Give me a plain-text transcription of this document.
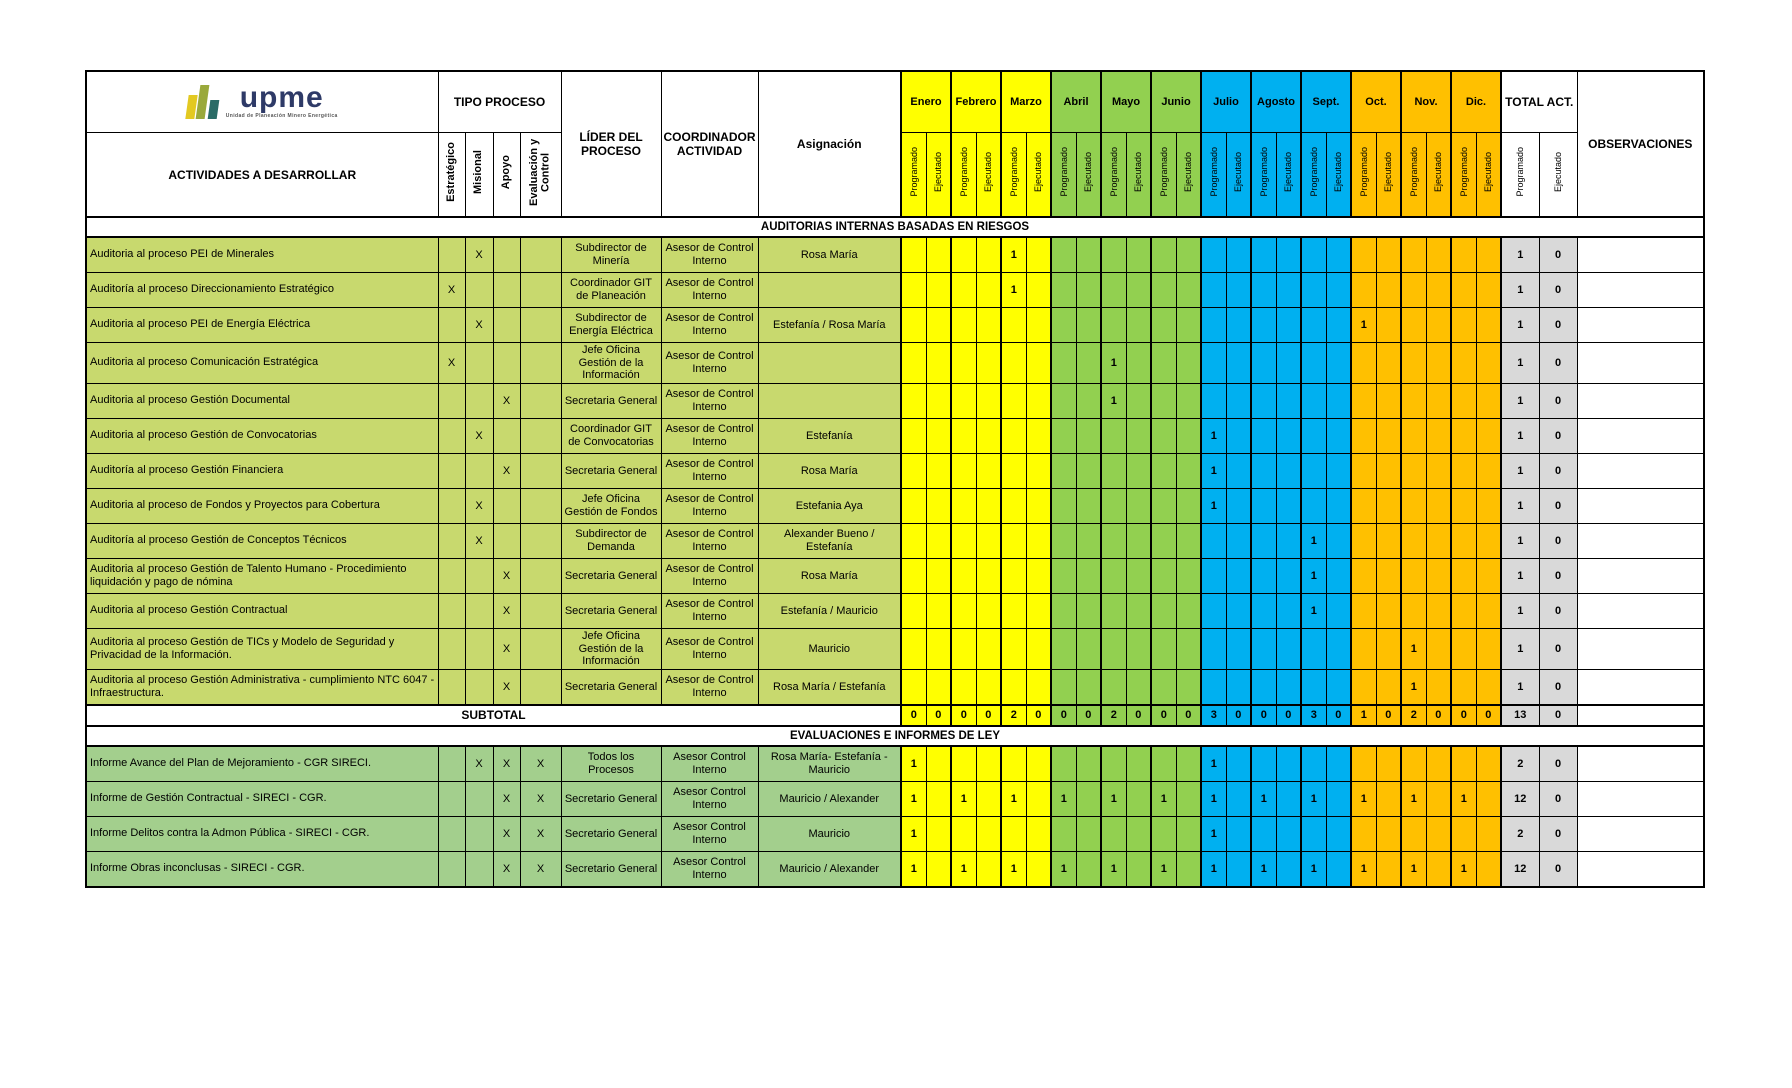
upme
Unidad de Planeación Minero Energética	TIPO PROCESO				LÍDER DEL PROCESO	COORDINADOR ACTIVIDAD	Asignación	Enero		Febrero		Marzo		Abril		Mayo		Junio		Julio		Agosto		Sept.		Oct.		Nov.		Dic.		TOTAL ACT.		OBSERVACIONES
ACTIVIDADES A DESARROLLAR	Estratégico	Misional	Apoyo	Evaluación y Control				Programado	Ejecutado	Programado	Ejecutado	Programado	Ejecutado	Programado	Ejecutado	Programado	Ejecutado	Programado	Ejecutado	Programado	Ejecutado	Programado	Ejecutado	Programado	Ejecutado	Programado	Ejecutado	Programado	Ejecutado	Programado	Ejecutado	Programado	Ejecutado	
AUDITORIAS INTERNAS BASADAS EN RIESGOS																																		
Auditoria al proceso PEI de Minerales		X			Subdirector de Minería	Asesor de Control Interno	Rosa María					1																				1	0	
Auditoría al proceso Direccionamiento Estratégico	X				Coordinador GIT de Planeación	Asesor de Control Interno						1																				1	0	
Auditoria al proceso PEI de Energía Eléctrica		X			Subdirector de Energía Eléctrica	Asesor de Control Interno	Estefanía / Rosa María																			1						1	0	
Auditoria al proceso Comunicación Estratégica	X				Jefe Oficina Gestión de la Información	Asesor de Control Interno										1																1	0	
Auditoria al proceso Gestión Documental			X		Secretaria General	Asesor de Control Interno										1																1	0	
Auditoria al proceso Gestión de Convocatorias		X			Coordinador GIT de Convocatorias	Asesor de Control Interno	Estefanía													1												1	0	
Auditoría al proceso Gestión Financiera			X		Secretaria General	Asesor de Control Interno	Rosa María													1												1	0	
Auditoria al proceso de Fondos y Proyectos para Cobertura		X			Jefe Oficina Gestión de Fondos	Asesor de Control Interno	Estefania Aya													1												1	0	
Auditoría al proceso Gestión de Conceptos Técnicos		X			Subdirector de Demanda	Asesor de Control Interno	Alexander Bueno / Estefanía																	1								1	0	
Auditoria al proceso Gestión de Talento Humano - Procedimiento liquidación y pago de nómina			X		Secretaria General	Asesor de Control Interno	Rosa María																	1								1	0	
Auditoria al proceso Gestión Contractual			X		Secretaria General	Asesor de Control Interno	Estefanía / Mauricio																	1								1	0	
Auditoria al proceso Gestión de TICs y Modelo de Seguridad y Privacidad de la Información.			X		Jefe Oficina Gestión de la Información	Asesor de Control Interno	Mauricio																					1				1	0	
Auditoria al proceso Gestión Administrativa - cumplimiento NTC 6047 - Infraestructura.			X		Secretaria General	Asesor de Control Interno	Rosa María / Estefanía																					1				1	0	
SUBTOTAL								0	0	0	0	2	0	0	0	2	0	0	0	3	0	0	0	3	0	1	0	2	0	0	0	13	0	
EVALUACIONES E INFORMES DE LEY																																		
Informe Avance del Plan de Mejoramiento - CGR SIRECI.		X	X	X	Todos los Procesos	Asesor Control Interno	Rosa María- Estefanía - Mauricio	1												1												2	0	
Informe de Gestión Contractual - SIRECI - CGR.			X	X	Secretario General	Asesor Control Interno	Mauricio / Alexander	1		1		1		1		1		1		1		1		1		1		1		1		12	0	
Informe Delitos contra la Admon Pública - SIRECI - CGR.			X	X	Secretario General	Asesor Control Interno	Mauricio	1												1												2	0	
Informe Obras inconclusas - SIRECI - CGR.			X	X	Secretario General	Asesor Control Interno	Mauricio / Alexander	1		1		1		1		1		1		1		1		1		1		1		1		12	0	
